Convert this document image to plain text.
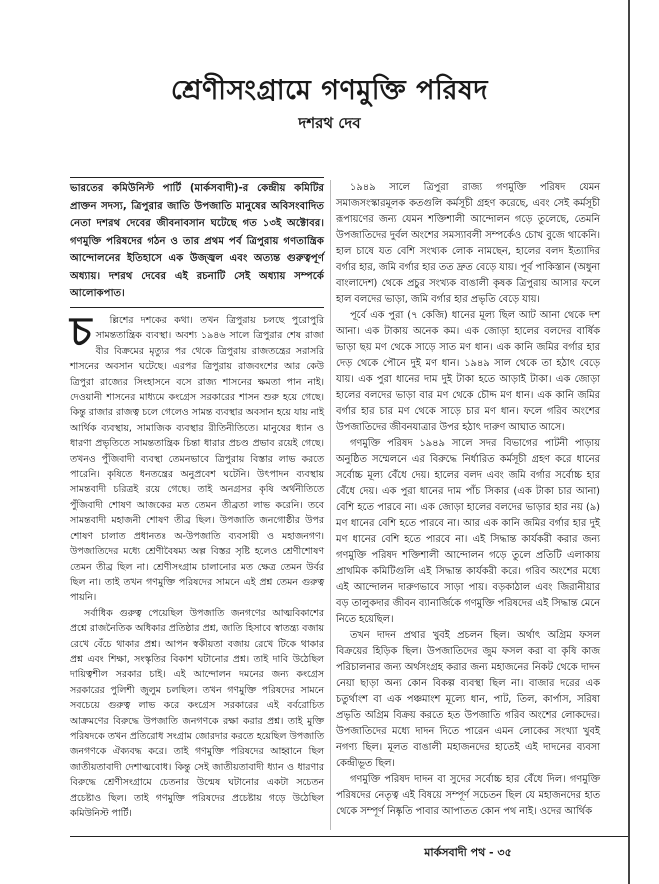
শ্রেণীসংগ্রামে গণমুক্তি পরিষদ
দশরথ দেব
ভারতের কমিউনিস্ট পার্টি (মার্কসবাদী)-র কেন্দ্রীয় কমিটির প্রাক্তন সদস্য, ত্রিপুরার জাতি উপজাতি মানুষের অবিসংবাদিত নেতা দশরথ দেবের জীবনাবসান ঘটেছে গত ১৩ই অক্টোবর। গণমুক্তি পরিষদের গঠন ও তার প্রথম পর্ব ত্রিপুরায় গণতান্ত্রিক আন্দোলনের ইতিহাসে এক উজ্জ্বল এবং অত্যন্ত গুরুত্বপূর্ণ অধ্যায়। দশরথ দেবের এই রচনাটি সেই অধ্যায় সম্পর্কে আলোকপাত।

চ ল্লিশের দশকের কথা। তখন ত্রিপুরায় চলছে পুরোপুরি সামন্ততান্ত্রিক ব্যবস্থা। অবশ্য ১৯৪৬ সালে ত্রিপুরার শেষ রাজা বীর বিক্রমের মৃত্যুর পর থেকে ত্রিপুরায় রাজতন্ত্রের সরাসরি শাসনের অবসান ঘটেছে। এরপর ত্রিপুরায় রাজবংশের আর কেউ ত্রিপুরা রাজ্যের সিংহাসনে বসে রাজ্য শাসনের ক্ষমতা পান নাই। দেওয়ানী শাসনের মাধ্যমে কংগ্রেস সরকারের শাসন শুরু হয়ে গেছে। কিন্তু রাজার রাজত্ব চলে গেলেও সামন্ত ব্যবস্থার অবসান হয়ে যায় নাই আর্থিক ব্যবস্থায়, সামাজিক ব্যবস্থার রীতিনীতিতে। মানুষের ধ্যান ও ধারণা প্রভৃতিতে সামন্ততান্ত্রিক চিন্তা ধারার প্রচণ্ড প্রভাব রয়েই গেছে। তখনও পুঁজিবাদী ব্যবস্থা তেমনভাবে ত্রিপুরায় বিস্তার লাভ করতে পারেনি। কৃষিতে ধনতন্ত্রের অনুপ্রবেশ ঘটেনি। উৎপাদন ব্যবস্থায় সামন্তবাদী চরিত্রই রয়ে গেছে। তাই অনগ্রসর কৃষি অর্থনীতিতে পুঁজিবাদী শোষণ আজকের মত তেমন তীব্রতা লাভ করেনি। তবে সামন্তবাদী মহাজনী শোষণ তীব্র ছিল। উপজাতি জনগোষ্ঠীর উপর শোষণ চালাত প্রধানতঃ অ-উপজাতি ব্যবসায়ী ও মহাজনগণ। উপজাতিদের মধ্যে শ্রেণীবৈষম্য অল্প বিস্তর সৃষ্টি হলেও শ্রেণীশোষণ তেমন তীব্র ছিল না। শ্রেণীসংগ্রাম চালানোর মত ক্ষেত্র তেমন উর্বর ছিল না। তাই তখন গণমুক্তি পরিষদের সামনে এই প্রশ্ন তেমন গুরুত্ব পায়নি।

সর্বাধিক গুরুত্ব পেয়েছিল উপজাতি জনগণের আত্মবিকাশের প্রশ্নে রাজনৈতিক অধিকার প্রতিষ্ঠার প্রশ্ন, জাতি হিসাবে স্বাতন্ত্র্য বজায় রেখে বেঁচে থাকার প্রশ্ন। আপন স্বকীয়তা বজায় রেখে টিকে থাকার প্রশ্ন এবং শিক্ষা, সংস্কৃতির বিকাশ ঘটানোর প্রশ্ন। তাই দাবি উঠেছিল দায়িত্বশীল সরকার চাই। এই আন্দোলন দমনের জন্য কংগ্রেস সরকারের পুলিশী জুলুম চলছিল। তখন গণমুক্তি পরিষদের সামনে সবচেয়ে গুরুত্ব লাভ করে কংগ্রেস সরকারের এই বর্বরোচিত আক্রমণের বিরুদ্ধে উপজাতি জনগণকে রক্ষা করার প্রশ্ন। তাই মুক্তি পরিষদকে তখন প্রতিরোধ সংগ্রাম জোরদার করতে হয়েছিল উপজাতি জনগণকে ঐক্যবদ্ধ করে। তাই গণমুক্তি পরিষদের আহ্বানে ছিল জাতীয়তাবাদী দেশাত্মবোধ। কিন্তু সেই জাতীয়তাবাদী ধ্যান ও ধারণার বিরুদ্ধে শ্রেণীসংগ্রামে চেতনার উন্মেষ ঘটানোর একটা সচেতন প্রচেষ্টাও ছিল। তাই গণমুক্তি পরিষদের প্রচেষ্টায় গড়ে উঠেছিল কমিউনিস্ট পার্টি।

১৯৪৯ সালে ত্রিপুরা রাজ্য গণমুক্তি পরিষদ যেমন সমাজসংস্কারমূলক কতগুলি কর্মসূচী গ্রহণ করেছে, এবং সেই কর্মসূচী রূপায়ণের জন্য যেমন শক্তিশালী আন্দোলন গড়ে তুলেছে, তেমনি উপজাতিদের দুর্বল অংশের সমস্যাবলী সম্পর্কেও চোখ বুজে থাকেনি। হাল চাষে যত বেশি সংখ্যক লোক নামছেন, হালের বলদ ইত্যাদির বর্গার হার, জমি বর্গার হার তত দ্রুত বেড়ে যায়। পূর্ব পাকিস্তান (অধুনা বাংলাদেশ) থেকে প্রচুর সংখ্যক বাঙালী কৃষক ত্রিপুরায় আসার ফলে হাল বলদের ভাড়া, জমি বর্গার হার প্রভৃতি বেড়ে যায়।

পূর্বে এক পুরা (৭ কেজি) ধানের মূল্য ছিল আট আনা থেকে দশ আনা। এক টাকায় অনেক কম। এক জোড়া হালের বলদের বার্ষিক ভাড়া ছয় মণ থেকে সাড়ে সাত মণ ধান। এক কানি জমির বর্গার হার দেড় থেকে পৌনে দুই মণ ধান। ১৯৪৯ সাল থেকে তা হঠাৎ বেড়ে যায়। এক পুরা ধানের দাম দুই টাকা হতে আড়াই টাকা। এক জোড়া হালের বলদের ভাড়া বার মণ থেকে চৌদ্দ মণ ধান। এক কানি জমির বর্গার হার চার মণ থেকে সাড়ে চার মণ ধান। ফলে গরিব অংশের উপজাতিদের জীবনযাত্রার উপর হঠাৎ দারুণ আঘাত আসে।

গণমুক্তি পরিষদ ১৯৪৯ সালে সদর বিভাগের পাটনী পাড়ায় অনুষ্ঠিত সম্মেলনে এর বিরুদ্ধে নির্ধারিত কর্মসূচী গ্রহণ করে ধানের সর্বোচ্চ মূল্য বেঁধে দেয়। হালের বলদ এবং জমি বর্গার সর্বোচ্চ হার বেঁধে দেয়। এক পুরা ধানের দাম পাঁচ সিকার (এক টাকা চার আনা) বেশি হতে পারবে না। এক জোড়া হালের বলদের ভাড়ার হার নয় (৯) মণ ধানের বেশি হতে পারবে না। আর এক কানি জমির বর্গার হার দুই মণ ধানের বেশি হতে পারবে না। এই সিদ্ধান্ত কার্যকরী করার জন্য গণমুক্তি পরিষদ শক্তিশালী আন্দোলন গড়ে তুলে প্রতিটি এলাকায় প্রাথমিক কমিটিগুলি এই সিদ্ধান্ত কার্যকরী করে। গরিব অংশের মধ্যে এই আন্দোলন দারুণভাবে সাড়া পায়। বড়কাঠাল এবং জিরানীয়ার বড় তালুকদার জীবন ব্যানার্জিকে গণমুক্তি পরিষদের এই সিদ্ধান্ত মেনে নিতে হয়েছিল।

তখন দাদন প্রথার খুবই প্রচলন ছিল। অর্থাৎ অগ্রিম ফসল বিক্রয়ের হিড়িক ছিল। উপজাতিদের জুম ফসল করা বা কৃষি কাজ পরিচালনার জন্য অর্থসংগ্রহ করার জন্য মহাজনের নিকট থেকে দাদন নেয়া ছাড়া অন্য কোন বিকল্প ব্যবস্থা ছিল না। বাজার দরের এক চতুর্থাংশ বা এক পঞ্চমাংশ মূল্যে ধান, পাট, তিল, কার্পাস, সরিষা প্রভৃতি অগ্রিম বিক্রয় করতে হত উপজাতি গরিব অংশের লোকদের। উপজাতিদের মধ্যে দাদন দিতে পারেন এমন লোকের সংখ্যা খুবই নগণ্য ছিল। মূলত বাঙালী মহাজনদের হাতেই এই দাদনের ব্যবসা কেন্দ্রীভূত ছিল।

গণমুক্তি পরিষদ দাদন বা সুদের সর্বোচ্চ হার বেঁধে দিল। গণমুক্তি পরিষদের নেতৃত্ব এই বিষয়ে সম্পূর্ণ সচেতন ছিল যে মহাজনদের হাত থেকে সম্পূর্ণ নিষ্কৃতি পাবার আপাতত কোন পথ নাই। ওদের আর্থিক

মার্কসবাদী পথ - ৩৫
